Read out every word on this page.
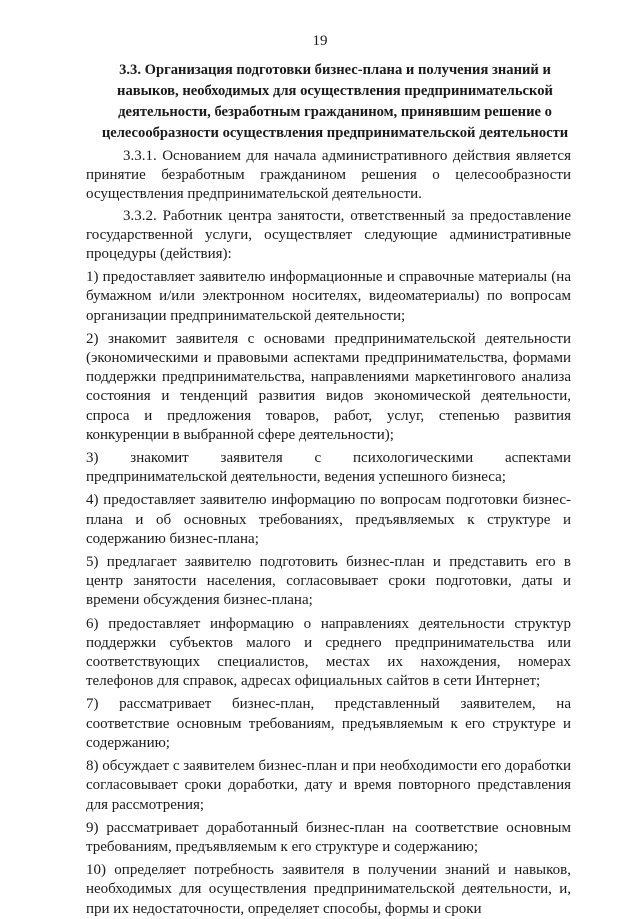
19
3.3. Организация подготовки бизнес-плана и получения знаний и навыков, необходимых для осуществления предпринимательской деятельности, безработным гражданином, принявшим решение о целесообразности осуществления предпринимательской деятельности

3.3.1. Основанием для начала административного действия является принятие безработным гражданином решения о целесообразности осуществления предпринимательской деятельности.

3.3.2. Работник центра занятости, ответственный за предоставление государственной услуги, осуществляет следующие административные процедуры (действия):

1) предоставляет заявителю информационные и справочные материалы (на бумажном и/или электронном носителях, видеоматериалы) по вопросам организации предпринимательской деятельности;

2) знакомит заявителя с основами предпринимательской деятельности (экономическими и правовыми аспектами предпринимательства, формами поддержки предпринимательства, направлениями маркетингового анализа состояния и тенденций развития видов экономической деятельности, спроса и предложения товаров, работ, услуг, степенью развития конкуренции в выбранной сфере деятельности);

3) знакомит заявителя с психологическими аспектами предпринимательской деятельности, ведения успешного бизнеса;

4) предоставляет заявителю информацию по вопросам подготовки бизнес-плана и об основных требованиях, предъявляемых к структуре и содержанию бизнес-плана;

5) предлагает заявителю подготовить бизнес-план и представить его в центр занятости населения, согласовывает сроки подготовки, даты и времени обсуждения бизнес-плана;

6) предоставляет информацию о направлениях деятельности структур поддержки субъектов малого и среднего предпринимательства или соответствующих специалистов, местах их нахождения, номерах телефонов для справок, адресах официальных сайтов в сети Интернет;

7) рассматривает бизнес-план, представленный заявителем, на соответствие основным требованиям, предъявляемым к его структуре и содержанию;

8) обсуждает с заявителем бизнес-план и при необходимости его доработки согласовывает сроки доработки, дату и время повторного представления для рассмотрения;

9) рассматривает доработанный бизнес-план на соответствие основным требованиям, предъявляемым к его структуре и содержанию;

10) определяет потребность заявителя в получении знаний и навыков, необходимых для осуществления предпринимательской деятельности, и, при их недостаточности, определяет способы, формы и сроки
